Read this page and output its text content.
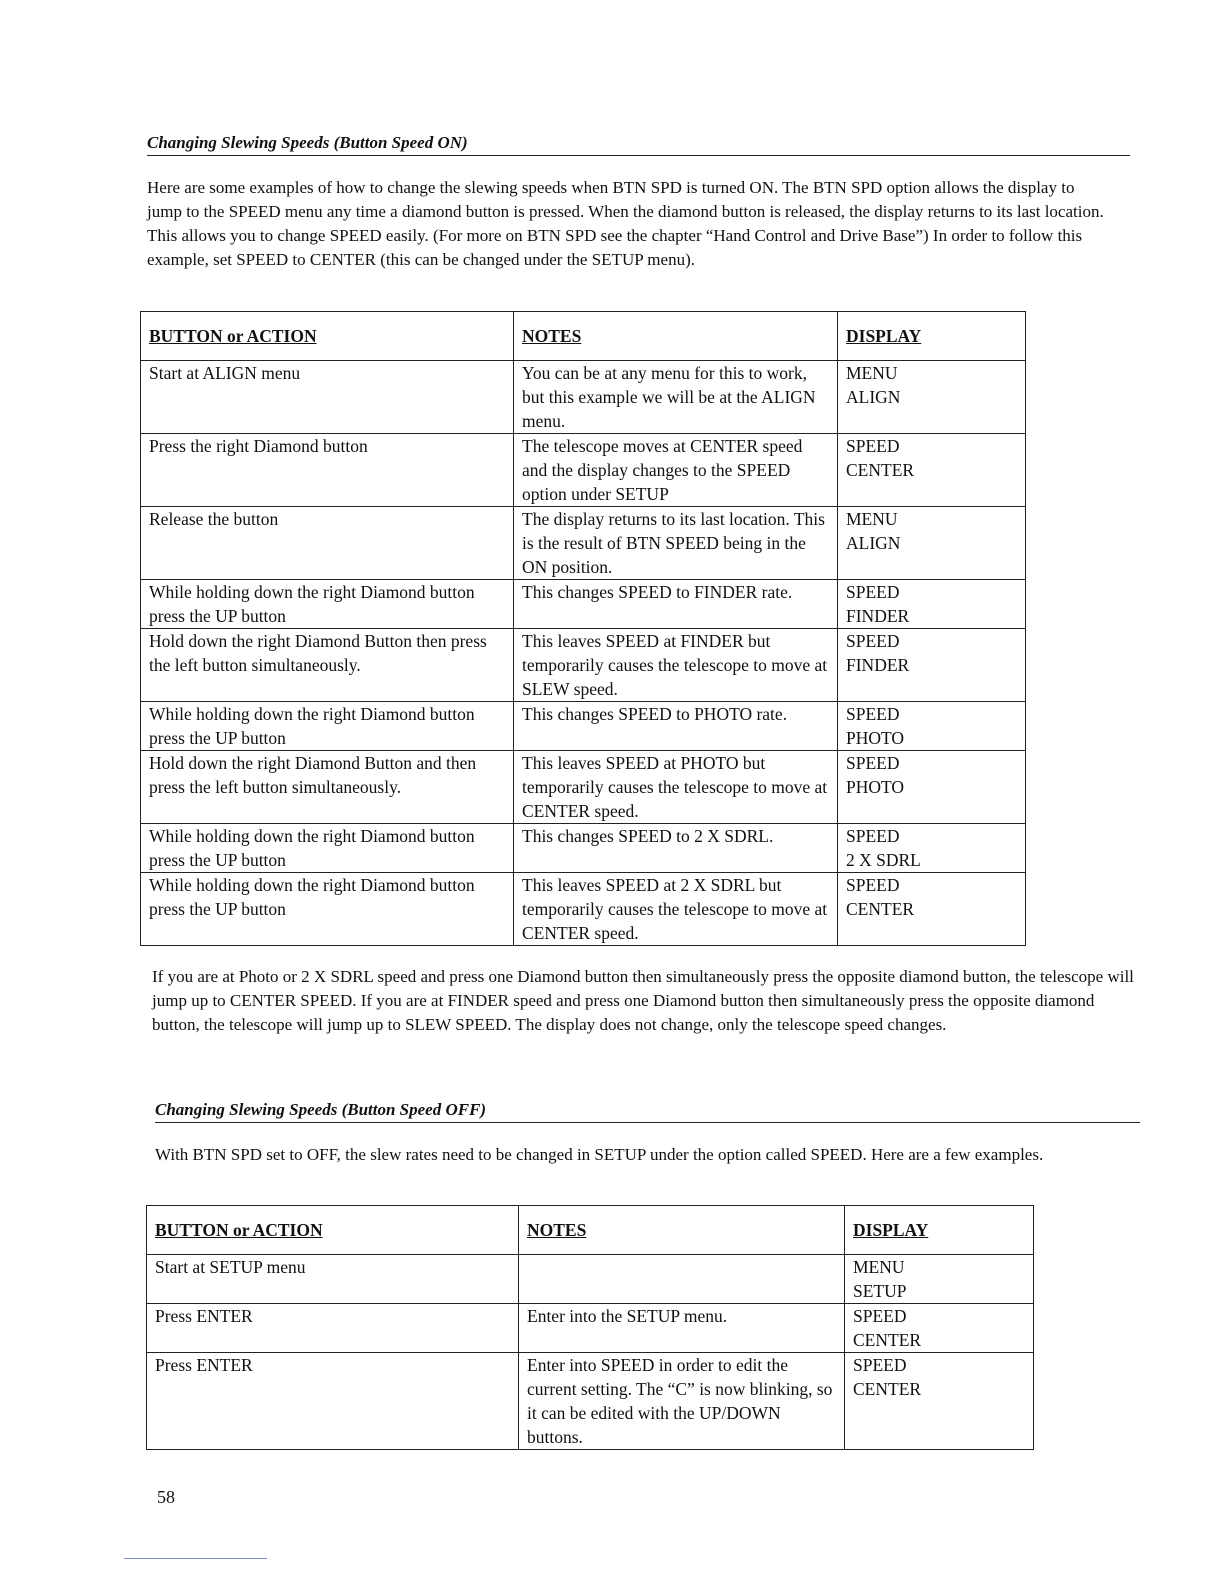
Changing Slewing Speeds (Button Speed ON)

Here are some examples of how to change the slewing speeds when BTN SPD is turned ON. The BTN SPD option allows the display to jump to the SPEED menu any time a diamond button is pressed. When the diamond button is released, the display returns to its last location. This allows you to change SPEED easily. (For more on BTN SPD see the chapter “Hand Control and Drive Base”) In order to follow this example, set SPEED to CENTER (this can be changed under the SETUP menu).

BUTTON or ACTION	NOTES	DISPLAY
Start at ALIGN menu	You can be at any menu for this to work, but this example we will be at the ALIGN menu.	MENU
ALIGN

Press the right Diamond button	The telescope moves at CENTER speed and the display changes to the SPEED option under SETUP	SPEED
CENTER

Release the button	The display returns to its last location. This is the result of BTN SPEED being in the ON position.	MENU
ALIGN

While holding down the right Diamond button press the UP button	This changes SPEED to FINDER rate.	SPEED
FINDER

Hold down the right Diamond Button then press the left button simultaneously.	This leaves SPEED at FINDER but temporarily causes the telescope to move at SLEW speed.	SPEED
FINDER

While holding down the right Diamond button press the UP button	This changes SPEED to PHOTO rate.	SPEED
PHOTO

Hold down the right Diamond Button and then press the left button simultaneously.	This leaves SPEED at PHOTO but temporarily causes the telescope to move at CENTER speed.	SPEED
PHOTO

While holding down the right Diamond button press the UP button	This changes SPEED to 2 X SDRL.	SPEED
2 X SDRL

While holding down the right Diamond button press the UP button	This leaves SPEED at 2 X SDRL but temporarily causes the telescope to move at CENTER speed.	SPEED
CENTER

If you are at Photo or 2 X SDRL speed and press one Diamond button then simultaneously press the opposite diamond button, the telescope will jump up to CENTER SPEED. If you are at FINDER speed and press one Diamond button then simultaneously press the opposite diamond button, the telescope will jump up to SLEW SPEED. The display does not change, only the telescope speed changes.

Changing Slewing Speeds (Button Speed OFF)

With BTN SPD set to OFF, the slew rates need to be changed in SETUP under the option called SPEED. Here are a few examples.

BUTTON or ACTION	NOTES	DISPLAY
Start at SETUP menu		MENU
SETUP

Press ENTER	Enter into the SETUP menu.	SPEED
CENTER

Press ENTER	Enter into SPEED in order to edit the current setting. The “C” is now blinking, so it can be edited with the UP/DOWN buttons.	SPEED
CENTER
58
